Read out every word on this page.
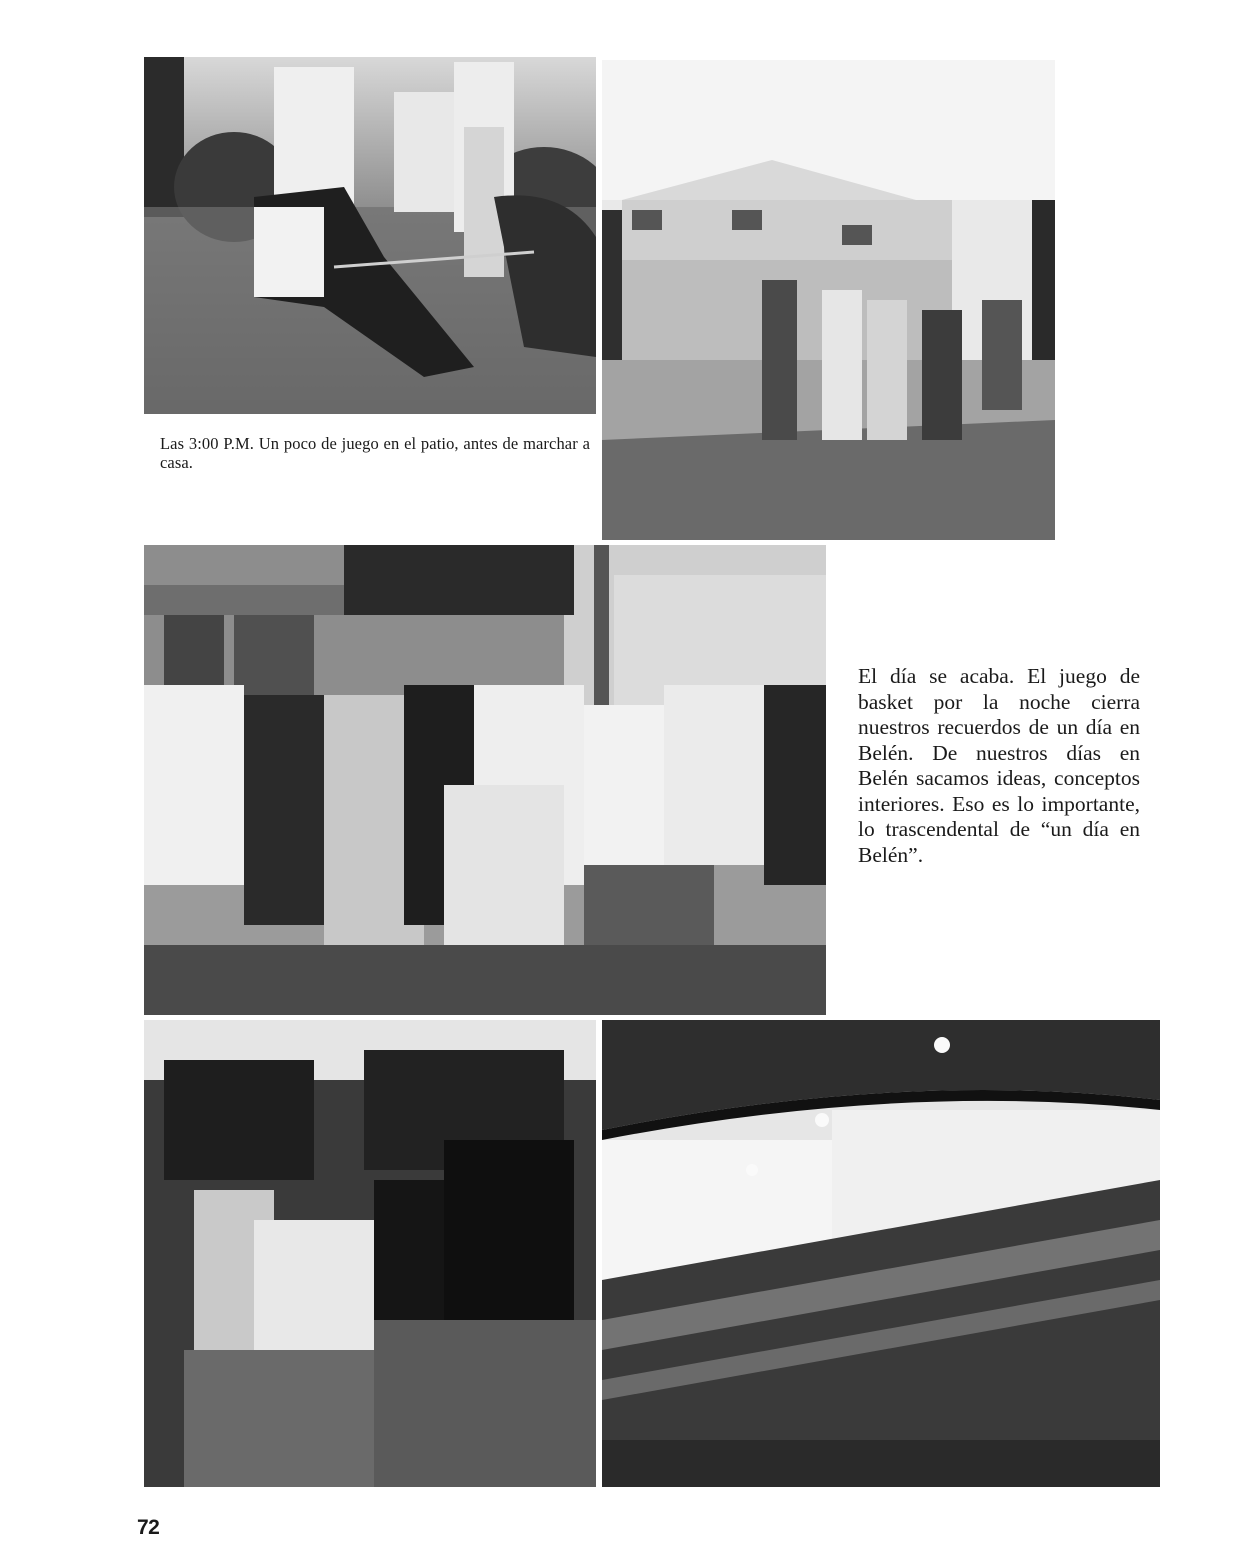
Las 3:00 P.M. Un poco de juego en el patio, antes de marchar a casa.
El día se acaba. El juego de basket por la noche cierra nuestros recuerdos de un día en Belén. De nuestros días en Belén sacamos ideas, conceptos interiores. Eso es lo importante, lo trascendental de “un día en Belén”.
72
